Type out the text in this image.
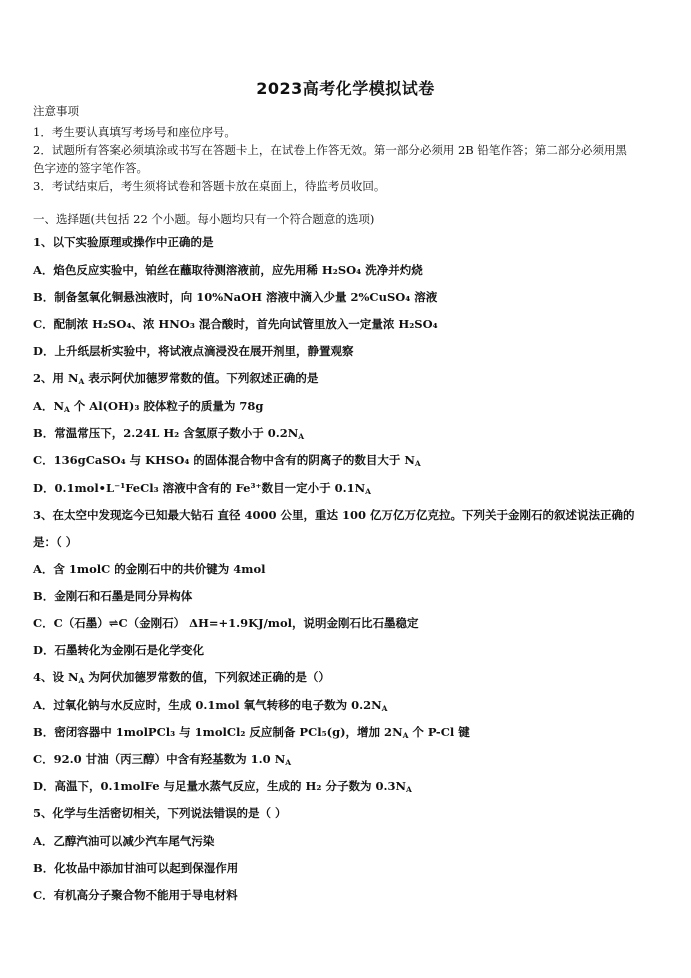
2023高考化学模拟试卷
注意事项
1．考生要认真填写考场号和座位序号。
2．试题所有答案必须填涂或书写在答题卡上，在试卷上作答无效。第一部分必须用 2B 铅笔作答；第二部分必须用黑
色字迹的签字笔作答。
3．考试结束后，考生须将试卷和答题卡放在桌面上，待监考员收回。
一、选择题(共包括 22 个小题。每小题均只有一个符合题意的选项)
1、以下实验原理或操作中正确的是
A．焰色反应实验中，铂丝在蘸取待测溶液前，应先用稀 H₂SO₄ 洗净并灼烧
B．制备氢氧化铜悬浊液时，向 10%NaOH 溶液中滴入少量 2%CuSO₄ 溶液
C．配制浓 H₂SO₄、浓 HNO₃ 混合酸时，首先向试管里放入一定量浓 H₂SO₄
D．上升纸层析实验中，将试液点滴浸没在展开剂里，静置观察
2、用 $N_A$ 表示阿伏加德罗常数的值。下列叙述正确的是
A．$N_A$ 个 Al(OH)₃ 胶体粒子的质量为 78g
B．常温常压下，2.24L H₂ 含氢原子数小于 $0.2N_A$
C．136gCaSO₄ 与 KHSO₄ 的固体混合物中含有的阴离子的数目大于 $N_A$
D．0.1mol•L⁻¹FeCl₃ 溶液中含有的 Fe³⁺数目一定小于 $0.1N_A$
3、在太空中发现迄今已知最大钻石 直径 4000 公里，重达 100 亿万亿万亿克拉。下列关于金刚石的叙述说法正确的
是：（ ）
A．含 1molC 的金刚石中的共价键为 4mol
B．金刚石和石墨是同分异构体
C．C（石墨）⇌C（金刚石） ΔH=+1.9KJ/mol，说明金刚石比石墨稳定
D．石墨转化为金刚石是化学变化
4、设 $N_A$ 为阿伏加德罗常数的值，下列叙述正确的是（）
A．过氧化钠与水反应时，生成 0.1mol 氧气转移的电子数为 $0.2N_A$
B．密闭容器中 1molPCl₃ 与 1molCl₂ 反应制备 PCl₅(g)，增加 $2N_A$ 个 P-Cl 键
C．92.0 甘油（丙三醇）中含有羟基数为 1.0 $N_A$
D．高温下，0.1molFe 与足量水蒸气反应，生成的 H₂ 分子数为 $0.3N_A$
5、化学与生活密切相关，下列说法错误的是（ ）
A．乙醇汽油可以减少汽车尾气污染
B．化妆品中添加甘油可以起到保湿作用
C．有机高分子聚合物不能用于导电材料
